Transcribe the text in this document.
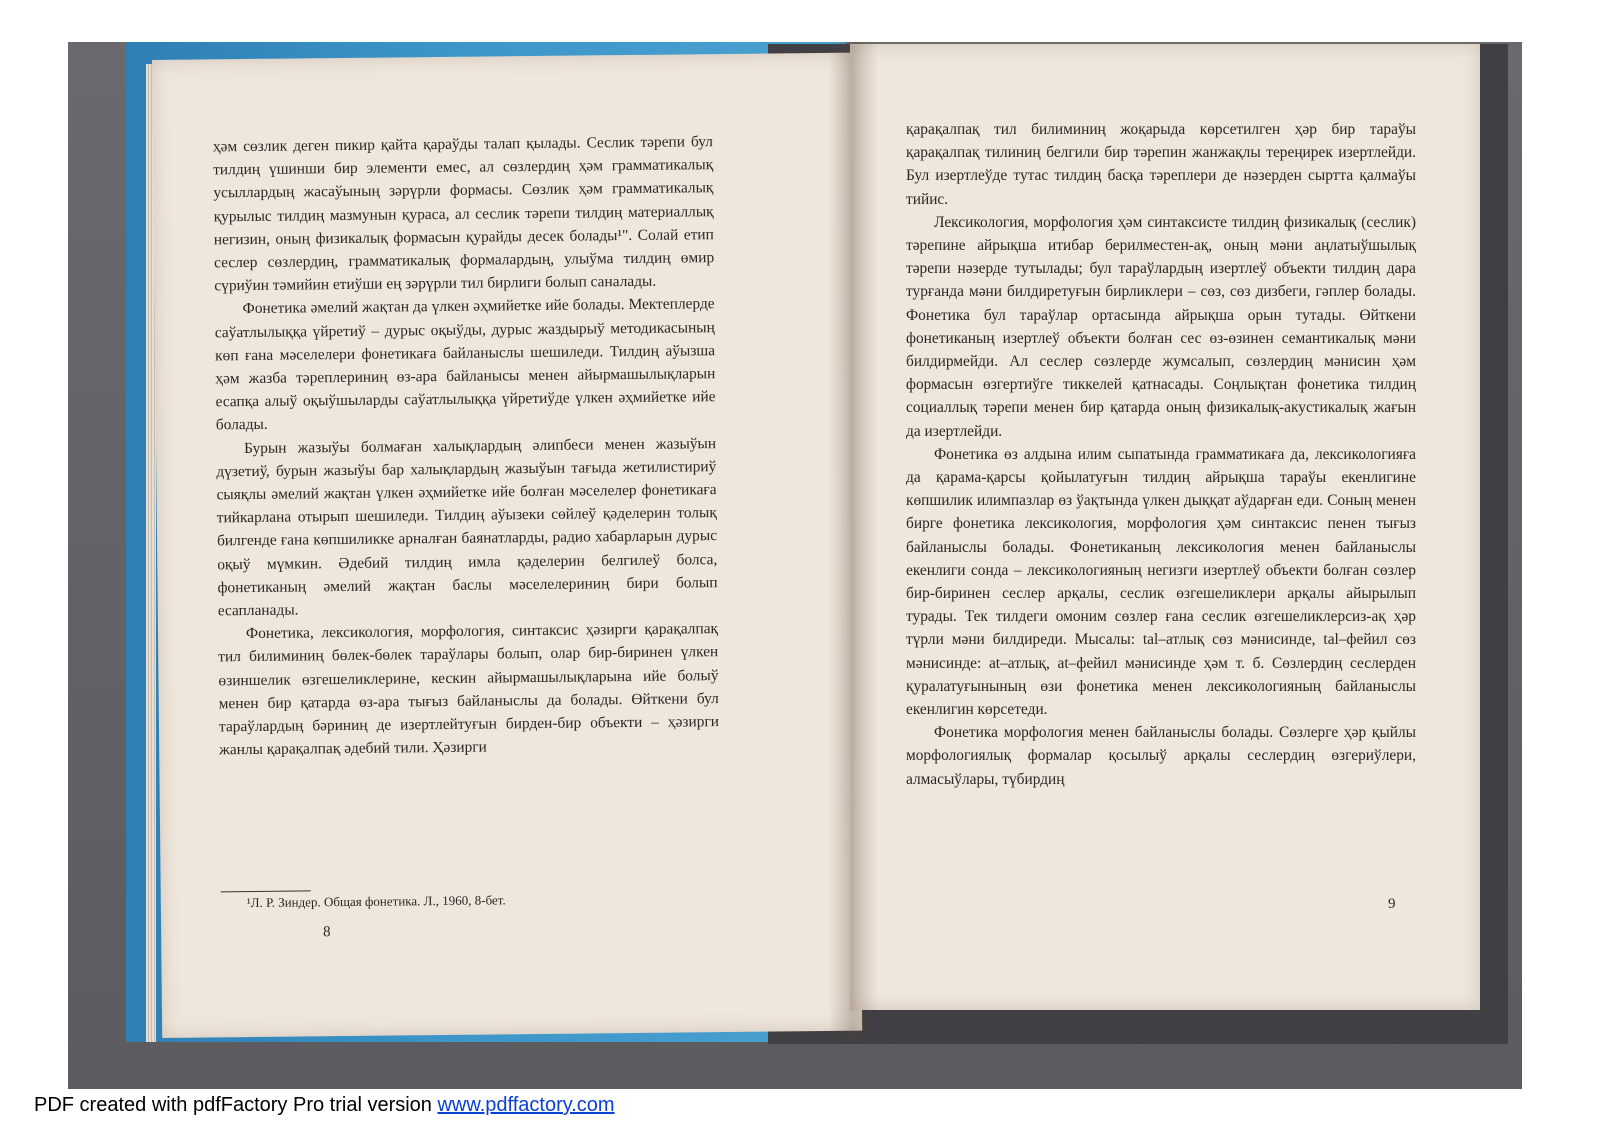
ҳәм сөзлик деген пикир қайта қараўды талап қылады. Сеслик тәрепи бул тилдиң үшинши бир элементи емес, ал сөзлердиң ҳәм грамматикалық усыллардың жасаўының зәрүрли формасы. Сөзлик ҳәм грамматикалық қурылыс тилдиң мазмунын қураса, ал сеслик тәрепи тилдиң материаллық негизин, оның физикалық формасын қурайды десек болады¹". Солай етип сеслер сөзлердиң, грамматикалық формалардың, улыўма тилдиң өмир сүриўин тәмийин етиўши ең зәрүрли тил бирлиги болып саналады.

Фонетика әмелий жақтан да үлкен әҳмийетке ийе болады. Мектеплерде саўатлылыққа үйретиў – дурыс оқыўды, дурыс жаздырыў методикасының көп ғана мәселелери фонетикаға байланыслы шешиледи. Тилдиң аўызша ҳәм жазба тәреплериниң өз-ара байланысы менен айырмашылықларын есапқа алыў оқыўшыларды саўатлылыққа үйретиўде үлкен әҳмийетке ийе болады.

Бурын жазыўы болмаған халықлардың әлипбеси менен жазыўын дүзетиў, бурын жазыўы бар халықлардың жазыўын тағыда жетилистириў сыяқлы әмелий жақтан үлкен әҳмийетке ийе болған мәселелер фонетикаға тийкарлана отырып шешиледи. Тилдиң аўызеки сөйлеў қәделерин толық билгенде ғана көпшиликке арналған баянатларды, радио хабарларын дурыс оқыў мүмкин. Әдебий тилдиң имла қәделерин белгилеў болса, фонетиканың әмелий жақтан баслы мәселелериниң бири болып есапланады.

Фонетика, лексикология, морфология, синтаксис ҳәзирги қарақалпақ тил билиминиң бөлек-бөлек тараўлары болып, олар бир-биринен үлкен өзиншелик өзгешеликлерине, кескин айырмашылықларына ийе болыў менен бир қатарда өз-ара тығыз байланыслы да болады. Өйткени бул тараўлардың бәриниң де изертлейтуғын бирден-бир объекти – ҳәзирги жанлы қарақалпақ әдебий тили. Ҳәзирги

¹Л. Р. Зиндер. Общая фонетика. Л., 1960, 8-бет.
8

қарақалпақ тил билиминиң жоқарыда көрсетилген ҳәр бир тараўы қарақалпақ тилиниң белгили бир тәрепин жанжақлы тереңирек изертлейди. Бул изертлеўде тутас тилдиң басқа тәреплери де нәзерден сыртта қалмаўы тийис.

Лексикология, морфология ҳәм синтаксисте тилдиң физикалық (сеслик) тәрепине айрықша итибар берилместен-ақ, оның мәни аңлатыўшылық тәрепи нәзерде тутылады; бул тараўлардың изертлеў объекти тилдиң дара турғанда мәни билдиретуғын бирликлери – сөз, сөз дизбеги, гәплер болады. Фонетика бул тараўлар ортасында айрықша орын тутады. Өйткени фонетиканың изертлеў объекти болған сес өз-өзинен семантикалық мәни билдирмейди. Ал сеслер сөзлерде жумсалып, сөзлердиң мәнисин ҳәм формасын өзгертиўге тиккелей қатнасады. Соңлықтан фонетика тилдиң социаллық тәрепи менен бир қатарда оның физикалық-акустикалық жағын да изертлейди.

Фонетика өз алдына илим сыпатында грамматикаға да, лексикологияға да қарама-қарсы қойылатуғын тилдиң айрықша тараўы екенлигине көпшилик илимпазлар өз ўақтында үлкен дыққат аўдарған еди. Соның менен бирге фонетика лексикология, морфология ҳәм синтаксис пенен тығыз байланыслы болады. Фонетиканың лексикология менен байланыслы екенлиги сонда – лексикологияның негизги изертлеў объекти болған сөзлер бир-биринен сеслер арқалы, сеслик өзгешеликлери арқалы айырылып турады. Тек тилдеги омоним сөзлер ғана сеслик өзгешеликлерсиз-ақ ҳәр түрли мәни билдиреди. Мысалы: tal–атлық сөз мәнисинде, tal–фейил сөз мәнисинде: at–атлық, at–фейил мәнисинде ҳәм т. б. Сөзлердиң сеслерден қуралатуғынының өзи фонетика менен лексикологияның байланыслы екенлигин көрсетеди.

Фонетика морфология менен байланыслы болады. Сөзлерге ҳәр қыйлы морфологиялық формалар қосылыў арқалы сеслердиң өзгериўлери, алмасыўлары, түбирдиң

9
PDF created with pdfFactory Pro trial version www.pdffactory.com
